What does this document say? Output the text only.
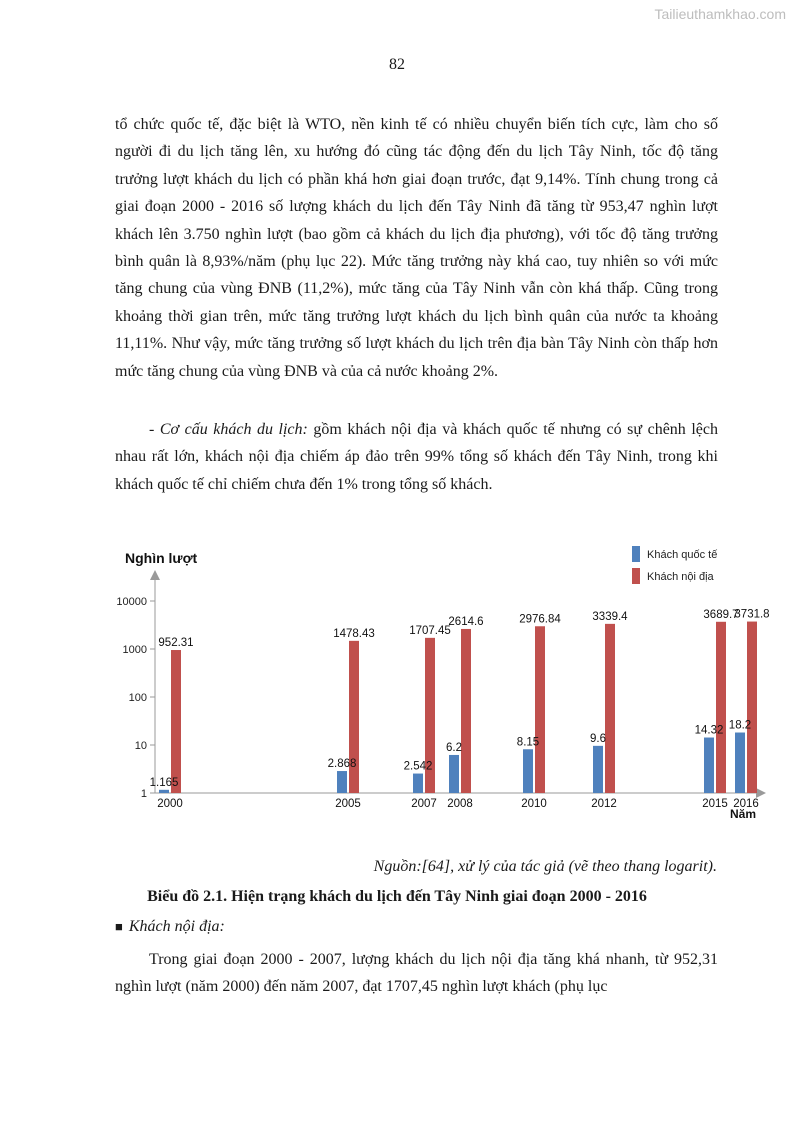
Tailieuthamkhao.com
82

tổ chức quốc tế, đặc biệt là WTO, nền kinh tế có nhiều chuyển biến tích cực, làm cho số người đi du lịch tăng lên, xu hướng đó cũng tác động đến du lịch Tây Ninh, tốc độ tăng trưởng lượt khách du lịch có phần khá hơn giai đoạn trước, đạt 9,14%. Tính chung trong cả giai đoạn 2000 - 2016 số lượng khách du lịch đến Tây Ninh đã tăng từ 953,47 nghìn lượt khách lên 3.750 nghìn lượt (bao gồm cả khách du lịch địa phương), với tốc độ tăng trưởng bình quân là 8,93%/năm (phụ lục 22). Mức tăng trưởng này khá cao, tuy nhiên so với mức tăng chung của vùng ĐNB (11,2%), mức tăng của Tây Ninh vẫn còn khá thấp. Cũng trong khoảng thời gian trên, mức tăng trưởng lượt khách du lịch bình quân của nước ta khoảng 11,11%. Như vậy, mức tăng trưởng số lượt khách du lịch trên địa bàn Tây Ninh còn thấp hơn mức tăng chung của vùng ĐNB và của cả nước khoảng 2%.

- Cơ cấu khách du lịch: gồm khách nội địa và khách quốc tế nhưng có sự chênh lệch nhau rất lớn, khách nội địa chiếm áp đảo trên 99% tổng số khách đến Tây Ninh, trong khi khách quốc tế chỉ chiếm chưa đến 1% trong tổng số khách.

Nghìn lượt
Năm
10000
1000
100
10
1
1.165
952.31
2000
2.868
1478.43
2005
2.542
1707.45
2007
6.2
2614.6
2008
8.15
2976.84
2010
9.6
3339.4
2012
14.32
3689.7
2015
18.2
3731.8
2016
Khách quốc tế
Khách nội địa
Nguồn:[64], xử lý của tác giả (vẽ theo thang logarit).
Biểu đồ 2.1. Hiện trạng khách du lịch đến Tây Ninh giai đoạn 2000 - 2016
■ Khách nội địa:

Trong giai đoạn 2000 - 2007, lượng khách du lịch nội địa tăng khá nhanh, từ 952,31 nghìn lượt (năm 2000) đến năm 2007, đạt 1707,45 nghìn lượt khách (phụ lục
